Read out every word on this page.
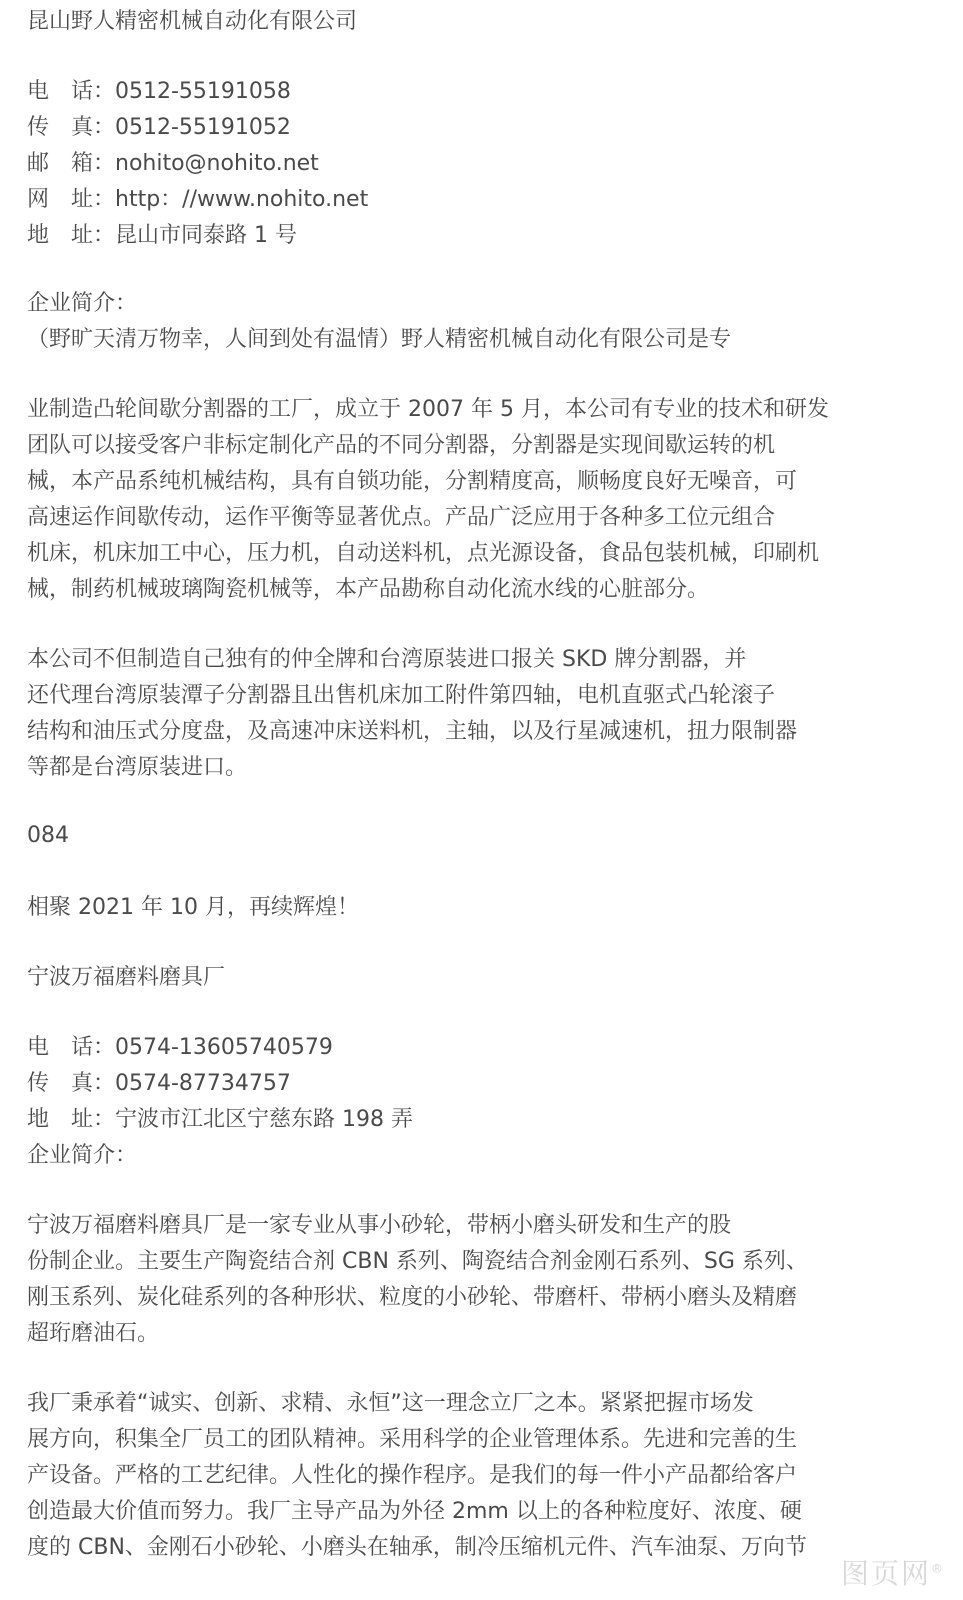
昆山野人精密机械自动化有限公司
电　话：0512-55191058
传　真：0512-55191052
邮　箱：nohito@nohito.net
网　址：http：//www.nohito.net
地　址：昆山市同泰路 1 号
企业简介：
（野旷天清万物幸，人间到处有温情）野人精密机械自动化有限公司是专
业制造凸轮间歇分割器的工厂，成立于 2007 年 5 月，本公司有专业的技术和研发
团队可以接受客户非标定制化产品的不同分割器，分割器是实现间歇运转的机
械，本产品系纯机械结构，具有自锁功能，分割精度高，顺畅度良好无噪音，可
高速运作间歇传动，运作平衡等显著优点。产品广泛应用于各种多工位元组合
机床，机床加工中心，压力机，自动送料机，点光源设备，食品包装机械，印刷机
械，制药机械玻璃陶瓷机械等，本产品勘称自动化流水线的心脏部分。
本公司不但制造自己独有的仲全牌和台湾原装进口报关 SKD 牌分割器，并
还代理台湾原装潭子分割器且出售机床加工附件第四轴，电机直驱式凸轮滚子
结构和油压式分度盘，及高速冲床送料机，主轴，以及行星减速机，扭力限制器
等都是台湾原装进口。
084
相聚 2021 年 10 月，再续辉煌！
宁波万福磨料磨具厂
电　话：0574-13605740579
传　真：0574-87734757
地　址：宁波市江北区宁慈东路 198 弄
企业简介：
宁波万福磨料磨具厂是一家专业从事小砂轮，带柄小磨头研发和生产的股
份制企业。主要生产陶瓷结合剂 CBN 系列、陶瓷结合剂金刚石系列、SG 系列、
刚玉系列、炭化硅系列的各种形状、粒度的小砂轮、带磨杆、带柄小磨头及精磨
超珩磨油石。
我厂秉承着“诚实、创新、求精、永恒”这一理念立厂之本。紧紧把握市场发
展方向，积集全厂员工的团队精神。采用科学的企业管理体系。先进和完善的生
产设备。严格的工艺纪律。人性化的操作程序。是我们的每一件小产品都给客户
创造最大价值而努力。我厂主导产品为外径 2mm 以上的各种粒度好、浓度、硬
度的 CBN、金刚石小砂轮、小磨头在轴承，制冷压缩机元件、汽车油泵、万向节
图页网®
